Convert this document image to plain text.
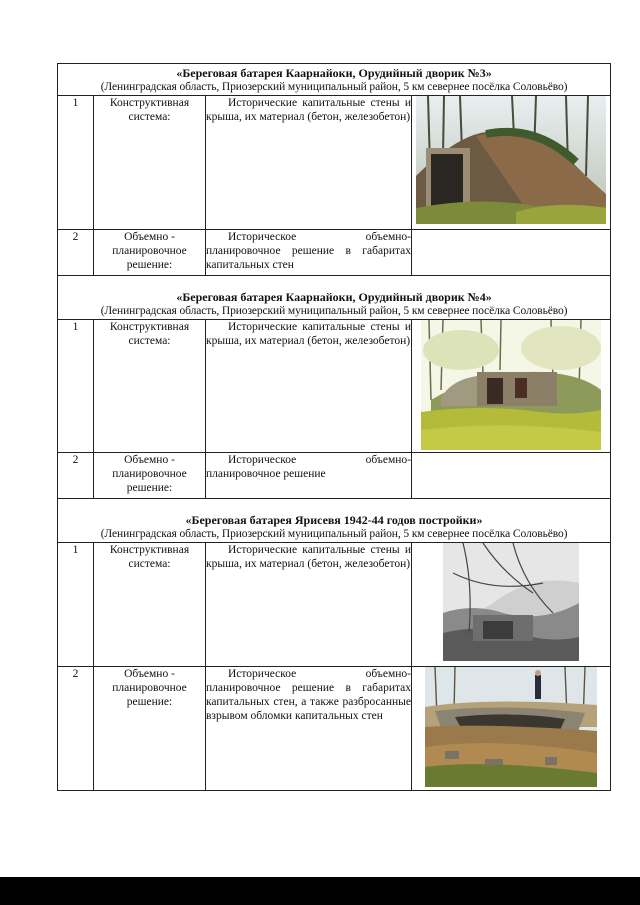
«Береговая батарея Каарнайоки, Орудийный дворик №3»
(Ленинградская область, Приозерский муниципальный район, 5 км севернее посёлка Соловьёво)			

1	Конструктивная система:	Исторические капитальные стены и крыша, их материал (бетон, железобетон)

2	Объемно - планировочное решение:	Историческое объемно-планировочное решение в габаритах капитальных стен	

«Береговая батарея Каарнайоки, Орудийный дворик №4»
(Ленинградская область, Приозерский муниципальный район, 5 км севернее посёлка Соловьёво)			

1	Конструктивная система:	Исторические капитальные стены и крыша, их материал (бетон, железобетон)

2	Объемно - планировочное решение:	Историческое объемно-планировочное решение	

«Береговая батарея Ярисевя 1942-44 годов постройки»
(Ленинградская область, Приозерский муниципальный район, 5 км севернее посёлка Соловьёво)			

1	Конструктивная система:	Исторические капитальные стены и крыша, их материал (бетон, железобетон)

2	Объемно - планировочное решение:	Историческое объемно-планировочное решение в габаритах капитальных стен, а также разбросанные взрывом обломки капитальных стен
